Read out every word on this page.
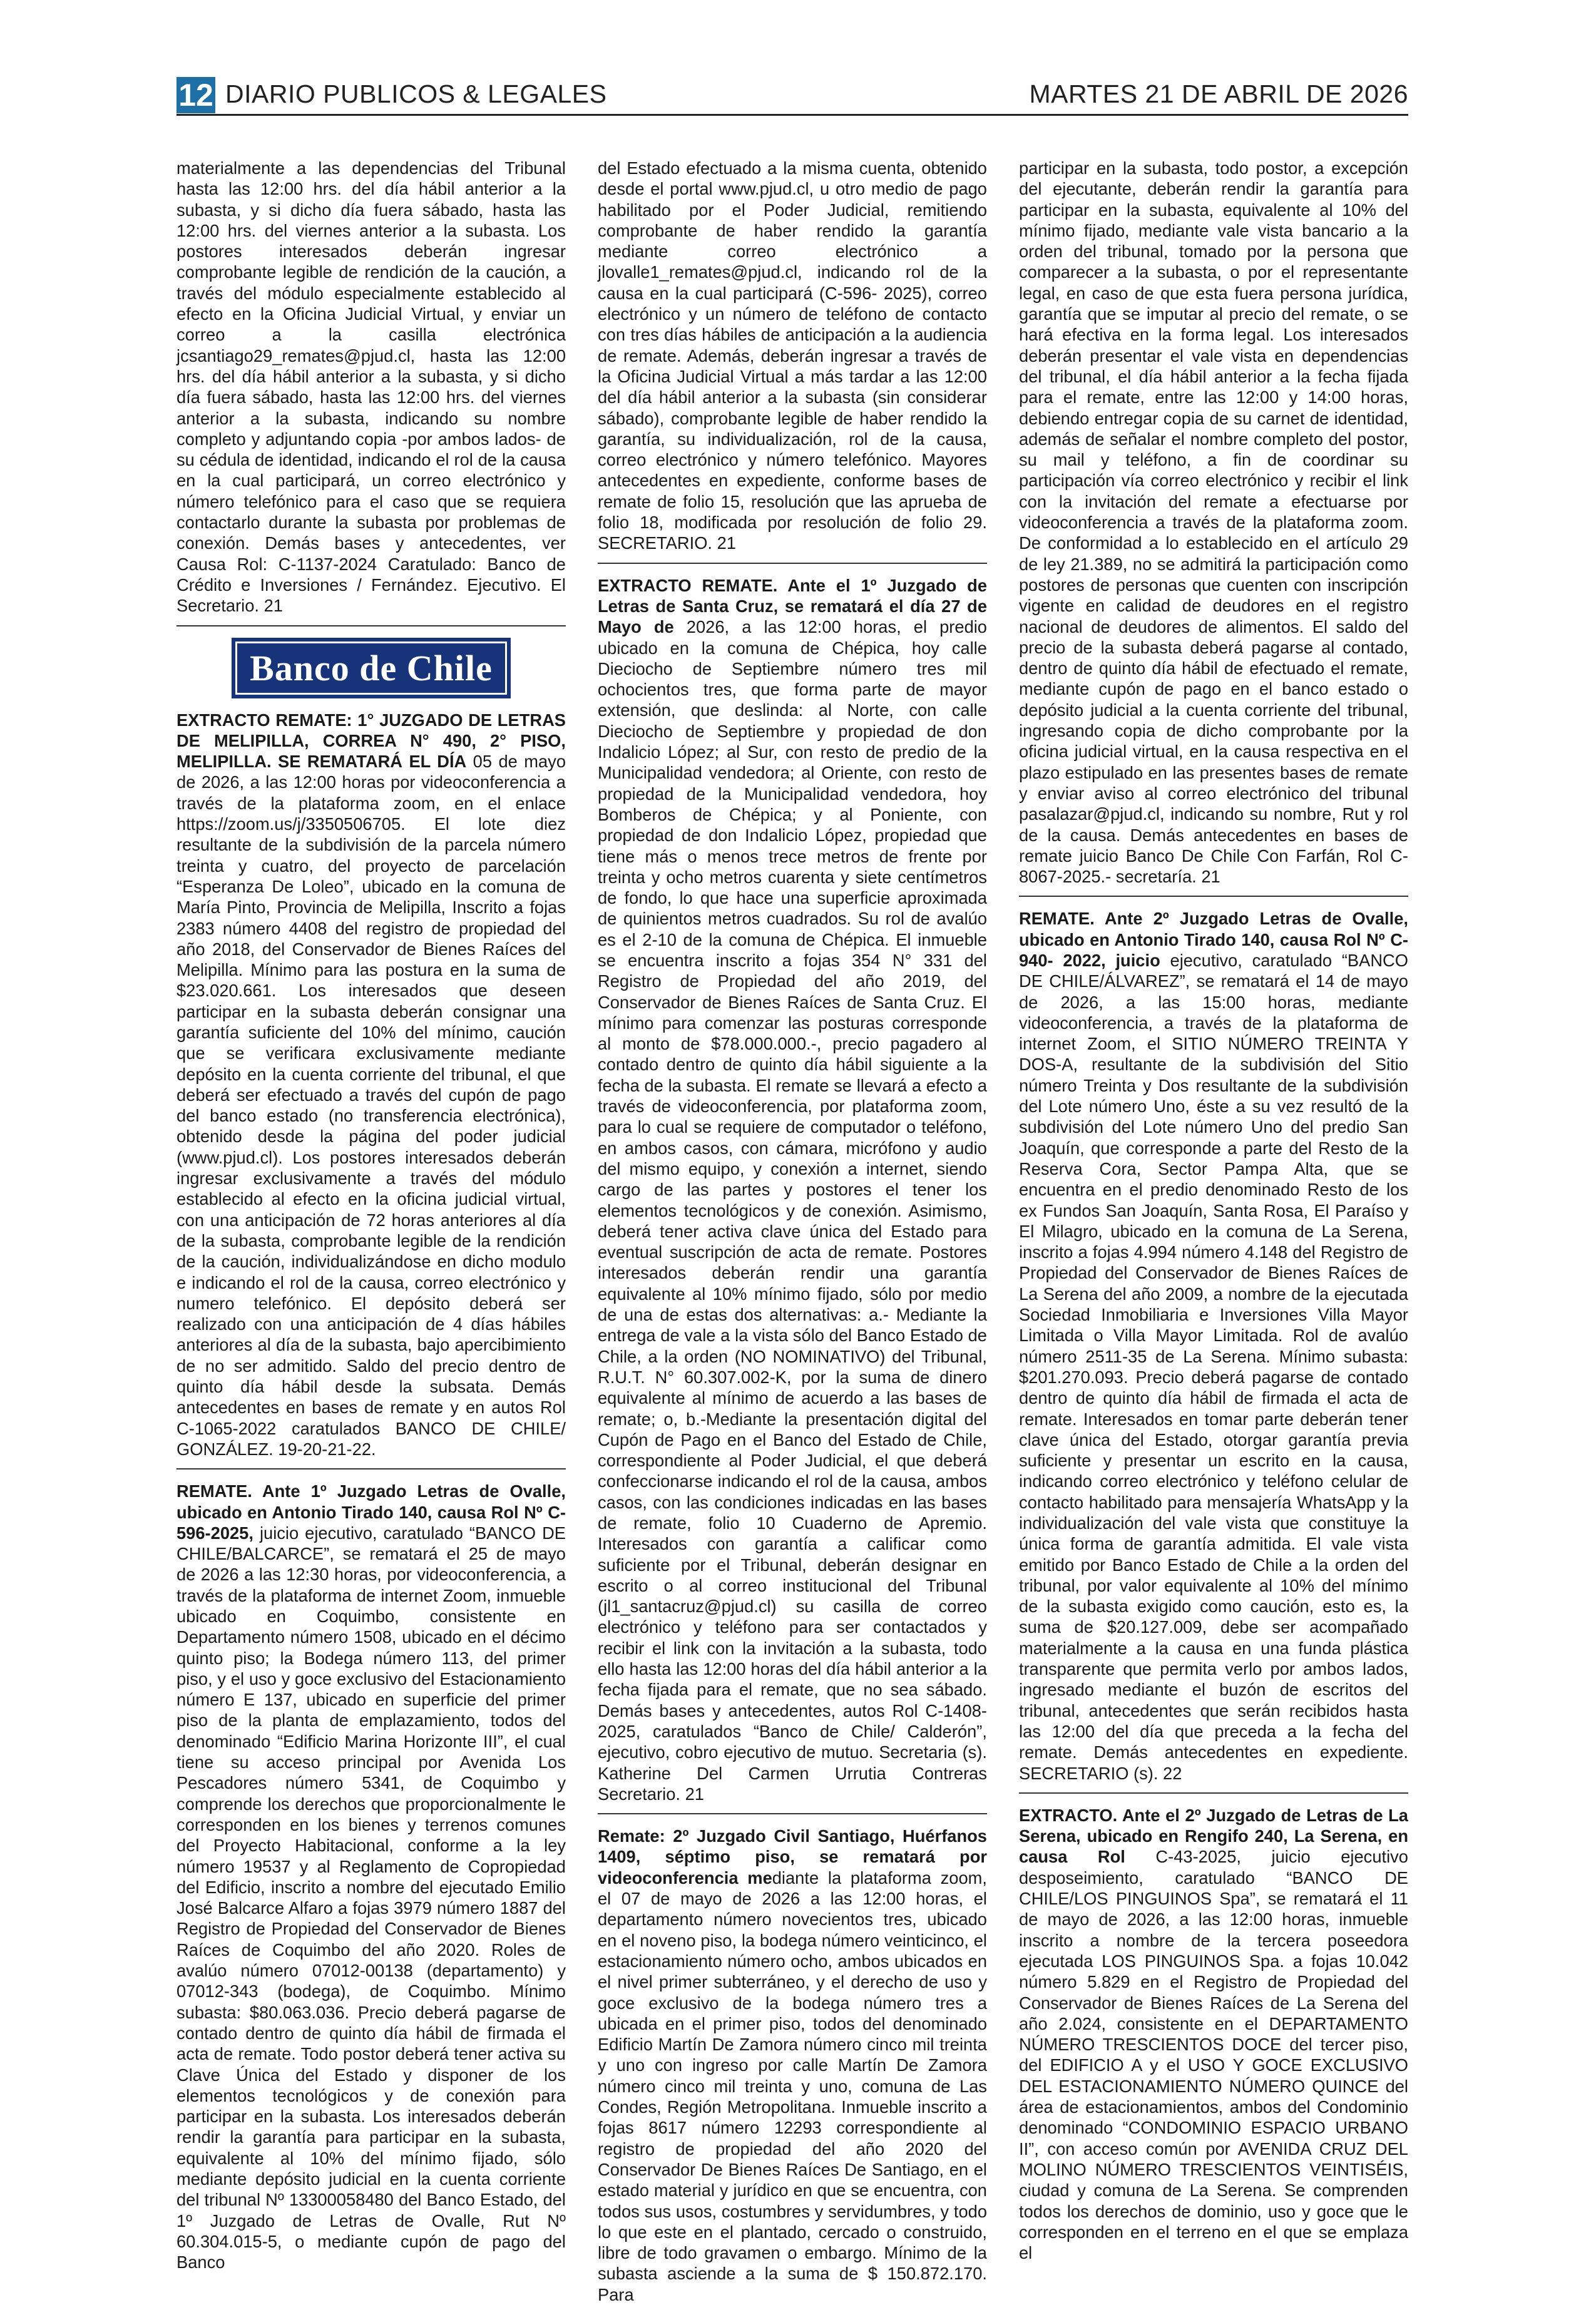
12 DIARIO PUBLICOS & LEGALES	MARTES 21 DE ABRIL DE 2026

materialmente a las dependencias del Tribunal hasta las 12:00 hrs. del día hábil anterior a la subasta, y si dicho día fuera sábado, hasta las 12:00 hrs. del viernes anterior a la subasta. Los postores interesados deberán ingresar comprobante legible de rendición de la caución, a través del módulo especialmente establecido al efecto en la Oficina Judicial Virtual, y enviar un correo a la casilla electrónica jcsantiago29_remates@pjud.cl, hasta las 12:00 hrs. del día hábil anterior a la subasta, y si dicho día fuera sábado, hasta las 12:00 hrs. del viernes anterior a la subasta, indicando su nombre completo y adjuntando copia -por ambos lados- de su cédula de identidad, indicando el rol de la causa en la cual participará, un correo electrónico y número telefónico para el caso que se requiera contactarlo durante la subasta por problemas de conexión. Demás bases y antecedentes, ver Causa Rol: C-1137-2024 Caratulado: Banco de Crédito e Inversiones / Fernández. Ejecutivo. El Secretario. 21

Banco de Chile

EXTRACTO REMATE: 1° JUZGADO DE LETRAS DE MELIPILLA, CORREA N° 490, 2° PISO, MELIPILLA. SE REMATARÁ EL DÍA 05 de mayo de 2026, a las 12:00 horas por videoconferencia a través de la plataforma zoom, en el enlace https://zoom.us/j/3350506705. El lote diez resultante de la subdivisión de la parcela número treinta y cuatro, del proyecto de parcelación “Esperanza De Loleo”, ubicado en la comuna de María Pinto, Provincia de Melipilla, Inscrito a fojas 2383 número 4408 del registro de propiedad del año 2018, del Conservador de Bienes Raíces del Melipilla. Mínimo para las postura en la suma de $23.020.661. Los interesados que deseen participar en la subasta deberán consignar una garantía suficiente del 10% del mínimo, caución que se verificara exclusivamente mediante depósito en la cuenta corriente del tribunal, el que deberá ser efectuado a través del cupón de pago del banco estado (no transferencia electrónica), obtenido desde la página del poder judicial (www.pjud.cl). Los postores interesados deberán ingresar exclusivamente a través del módulo establecido al efecto en la oficina judicial virtual, con una anticipación de 72 horas anteriores al día de la subasta, comprobante legible de la rendición de la caución, individualizándose en dicho modulo e indicando el rol de la causa, correo electrónico y numero telefónico. El depósito deberá ser realizado con una anticipación de 4 días hábiles anteriores al día de la subasta, bajo apercibimiento de no ser admitido. Saldo del precio dentro de quinto día hábil desde la subsata. Demás antecedentes en bases de remate y en autos Rol C-1065-2022 caratulados BANCO DE CHILE/ GONZÁLEZ. 19-20-21-22.

REMATE. Ante 1º Juzgado Letras de Ovalle, ubicado en Antonio Tirado 140, causa Rol Nº C-596-2025, juicio ejecutivo, caratulado “BANCO DE CHILE/BALCARCE”, se rematará el 25 de mayo de 2026 a las 12:30 horas, por videoconferencia, a través de la plataforma de internet Zoom, inmueble ubicado en Coquimbo, consistente en Departamento número 1508, ubicado en el décimo quinto piso; la Bodega número 113, del primer piso, y el uso y goce exclusivo del Estacionamiento número E 137, ubicado en superficie del primer piso de la planta de emplazamiento, todos del denominado “Edificio Marina Horizonte III”, el cual tiene su acceso principal por Avenida Los Pescadores número 5341, de Coquimbo y comprende los derechos que proporcionalmente le corresponden en los bienes y terrenos comunes del Proyecto Habitacional, conforme a la ley número 19537 y al Reglamento de Copropiedad del Edificio, inscrito a nombre del ejecutado Emilio José Balcarce Alfaro a fojas 3979 número 1887 del Registro de Propiedad del Conservador de Bienes Raíces de Coquimbo del año 2020. Roles de avalúo número 07012-00138 (departamento) y 07012-343 (bodega), de Coquimbo. Mínimo subasta: $80.063.036. Precio deberá pagarse de contado dentro de quinto día hábil de firmada el acta de remate. Todo postor deberá tener activa su Clave Única del Estado y disponer de los elementos tecnológicos y de conexión para participar en la subasta. Los interesados deberán rendir la garantía para participar en la subasta, equivalente al 10% del mínimo fijado, sólo mediante depósito judicial en la cuenta corriente del tribunal Nº 13300058480 del Banco Estado, del 1º Juzgado de Letras de Ovalle, Rut Nº 60.304.015-5, o mediante cupón de pago del Banco

del Estado efectuado a la misma cuenta, obtenido desde el portal www.pjud.cl, u otro medio de pago habilitado por el Poder Judicial, remitiendo comprobante de haber rendido la garantía mediante correo electrónico a jlovalle1_remates@pjud.cl, indicando rol de la causa en la cual participará (C-596- 2025), correo electrónico y un número de teléfono de contacto con tres días hábiles de anticipación a la audiencia de remate. Además, deberán ingresar a través de la Oficina Judicial Virtual a más tardar a las 12:00 del día hábil anterior a la subasta (sin considerar sábado), comprobante legible de haber rendido la garantía, su individualización, rol de la causa, correo electrónico y número telefónico. Mayores antecedentes en expediente, conforme bases de remate de folio 15, resolución que las aprueba de folio 18, modificada por resolución de folio 29. SECRETARIO. 21

EXTRACTO REMATE. Ante el 1º Juzgado de Letras de Santa Cruz, se rematará el día 27 de Mayo de 2026, a las 12:00 horas, el predio ubicado en la comuna de Chépica, hoy calle Dieciocho de Septiembre número tres mil ochocientos tres, que forma parte de mayor extensión, que deslinda: al Norte, con calle Dieciocho de Septiembre y propiedad de don Indalicio López; al Sur, con resto de predio de la Municipalidad vendedora; al Oriente, con resto de propiedad de la Municipalidad vendedora, hoy Bomberos de Chépica; y al Poniente, con propiedad de don Indalicio López, propiedad que tiene más o menos trece metros de frente por treinta y ocho metros cuarenta y siete centímetros de fondo, lo que hace una superficie aproximada de quinientos metros cuadrados. Su rol de avalúo es el 2-10 de la comuna de Chépica. El inmueble se encuentra inscrito a fojas 354 N° 331 del Registro de Propiedad del año 2019, del Conservador de Bienes Raíces de Santa Cruz. El mínimo para comenzar las posturas corresponde al monto de $78.000.000.-, precio pagadero al contado dentro de quinto día hábil siguiente a la fecha de la subasta. El remate se llevará a efecto a través de videoconferencia, por plataforma zoom, para lo cual se requiere de computador o teléfono, en ambos casos, con cámara, micrófono y audio del mismo equipo, y conexión a internet, siendo cargo de las partes y postores el tener los elementos tecnológicos y de conexión. Asimismo, deberá tener activa clave única del Estado para eventual suscripción de acta de remate. Postores interesados deberán rendir una garantía equivalente al 10% mínimo fijado, sólo por medio de una de estas dos alternativas: a.- Mediante la entrega de vale a la vista sólo del Banco Estado de Chile, a la orden (NO NOMINATIVO) del Tribunal, R.U.T. N° 60.307.002-K, por la suma de dinero equivalente al mínimo de acuerdo a las bases de remate; o, b.-Mediante la presentación digital del Cupón de Pago en el Banco del Estado de Chile, correspondiente al Poder Judicial, el que deberá confeccionarse indicando el rol de la causa, ambos casos, con las condiciones indicadas en las bases de remate, folio 10 Cuaderno de Apremio. Interesados con garantía a calificar como suficiente por el Tribunal, deberán designar en escrito o al correo institucional del Tribunal (jl1_santacruz@pjud.cl) su casilla de correo electrónico y teléfono para ser contactados y recibir el link con la invitación a la subasta, todo ello hasta las 12:00 horas del día hábil anterior a la fecha fijada para el remate, que no sea sábado. Demás bases y antecedentes, autos Rol C-1408-2025, caratulados “Banco de Chile/ Calderón”, ejecutivo, cobro ejecutivo de mutuo. Secretaria (s). Katherine Del Carmen Urrutia Contreras Secretario. 21

Remate: 2º Juzgado Civil Santiago, Huérfanos 1409, séptimo piso, se rematará por videoconferencia mediante la plataforma zoom, el 07 de mayo de 2026 a las 12:00 horas, el departamento número novecientos tres, ubicado en el noveno piso, la bodega número veinticinco, el estacionamiento número ocho, ambos ubicados en el nivel primer subterráneo, y el derecho de uso y goce exclusivo de la bodega número tres a ubicada en el primer piso, todos del denominado Edificio Martín De Zamora número cinco mil treinta y uno con ingreso por calle Martín De Zamora número cinco mil treinta y uno, comuna de Las Condes, Región Metropolitana. Inmueble inscrito a fojas 8617 número 12293 correspondiente al registro de propiedad del año 2020 del Conservador De Bienes Raíces De Santiago, en el estado material y jurídico en que se encuentra, con todos sus usos, costumbres y servidumbres, y todo lo que este en el plantado, cercado o construido, libre de todo gravamen o embargo. Mínimo de la subasta asciende a la suma de $ 150.872.170. Para

participar en la subasta, todo postor, a excepción del ejecutante, deberán rendir la garantía para participar en la subasta, equivalente al 10% del mínimo fijado, mediante vale vista bancario a la orden del tribunal, tomado por la persona que comparecer a la subasta, o por el representante legal, en caso de que esta fuera persona jurídica, garantía que se imputar al precio del remate, o se hará efectiva en la forma legal. Los interesados deberán presentar el vale vista en dependencias del tribunal, el día hábil anterior a la fecha fijada para el remate, entre las 12:00 y 14:00 horas, debiendo entregar copia de su carnet de identidad, además de señalar el nombre completo del postor, su mail y teléfono, a fin de coordinar su participación vía correo electrónico y recibir el link con la invitación del remate a efectuarse por videoconferencia a través de la plataforma zoom. De conformidad a lo establecido en el artículo 29 de ley 21.389, no se admitirá la participación como postores de personas que cuenten con inscripción vigente en calidad de deudores en el registro nacional de deudores de alimentos. El saldo del precio de la subasta deberá pagarse al contado, dentro de quinto día hábil de efectuado el remate, mediante cupón de pago en el banco estado o depósito judicial a la cuenta corriente del tribunal, ingresando copia de dicho comprobante por la oficina judicial virtual, en la causa respectiva en el plazo estipulado en las presentes bases de remate y enviar aviso al correo electrónico del tribunal pasalazar@pjud.cl, indicando su nombre, Rut y rol de la causa. Demás antecedentes en bases de remate juicio Banco De Chile Con Farfán, Rol C-8067-2025.- secretaría. 21

REMATE. Ante 2º Juzgado Letras de Ovalle, ubicado en Antonio Tirado 140, causa Rol Nº C-940- 2022, juicio ejecutivo, caratulado “BANCO DE CHILE/ÁLVAREZ”, se rematará el 14 de mayo de 2026, a las 15:00 horas, mediante videoconferencia, a través de la plataforma de internet Zoom, el SITIO NÚMERO TREINTA Y DOS-A, resultante de la subdivisión del Sitio número Treinta y Dos resultante de la subdivisión del Lote número Uno, éste a su vez resultó de la subdivisión del Lote número Uno del predio San Joaquín, que corresponde a parte del Resto de la Reserva Cora, Sector Pampa Alta, que se encuentra en el predio denominado Resto de los ex Fundos San Joaquín, Santa Rosa, El Paraíso y El Milagro, ubicado en la comuna de La Serena, inscrito a fojas 4.994 número 4.148 del Registro de Propiedad del Conservador de Bienes Raíces de La Serena del año 2009, a nombre de la ejecutada Sociedad Inmobiliaria e Inversiones Villa Mayor Limitada o Villa Mayor Limitada. Rol de avalúo número 2511-35 de La Serena. Mínimo subasta: $201.270.093. Precio deberá pagarse de contado dentro de quinto día hábil de firmada el acta de remate. Interesados en tomar parte deberán tener clave única del Estado, otorgar garantía previa suficiente y presentar un escrito en la causa, indicando correo electrónico y teléfono celular de contacto habilitado para mensajería WhatsApp y la individualización del vale vista que constituye la única forma de garantía admitida. El vale vista emitido por Banco Estado de Chile a la orden del tribunal, por valor equivalente al 10% del mínimo de la subasta exigido como caución, esto es, la suma de $20.127.009, debe ser acompañado materialmente a la causa en una funda plástica transparente que permita verlo por ambos lados, ingresado mediante el buzón de escritos del tribunal, antecedentes que serán recibidos hasta las 12:00 del día que preceda a la fecha del remate. Demás antecedentes en expediente. SECRETARIO (s). 22

EXTRACTO. Ante el 2º Juzgado de Letras de La Serena, ubicado en Rengifo 240, La Serena, en causa Rol C-43-2025, juicio ejecutivo desposeimiento, caratulado “BANCO DE CHILE/LOS PINGUINOS Spa”, se rematará el 11 de mayo de 2026, a las 12:00 horas, inmueble inscrito a nombre de la tercera poseedora ejecutada LOS PINGUINOS Spa. a fojas 10.042 número 5.829 en el Registro de Propiedad del Conservador de Bienes Raíces de La Serena del año 2.024, consistente en el DEPARTAMENTO NÚMERO TRESCIENTOS DOCE del tercer piso, del EDIFICIO A y el USO Y GOCE EXCLUSIVO DEL ESTACIONAMIENTO NÚMERO QUINCE del área de estacionamientos, ambos del Condominio denominado “CONDOMINIO ESPACIO URBANO II”, con acceso común por AVENIDA CRUZ DEL MOLINO NÚMERO TRESCIENTOS VEINTISÉIS, ciudad y comuna de La Serena. Se comprenden todos los derechos de dominio, uso y goce que le corresponden en el terreno en el que se emplaza el
